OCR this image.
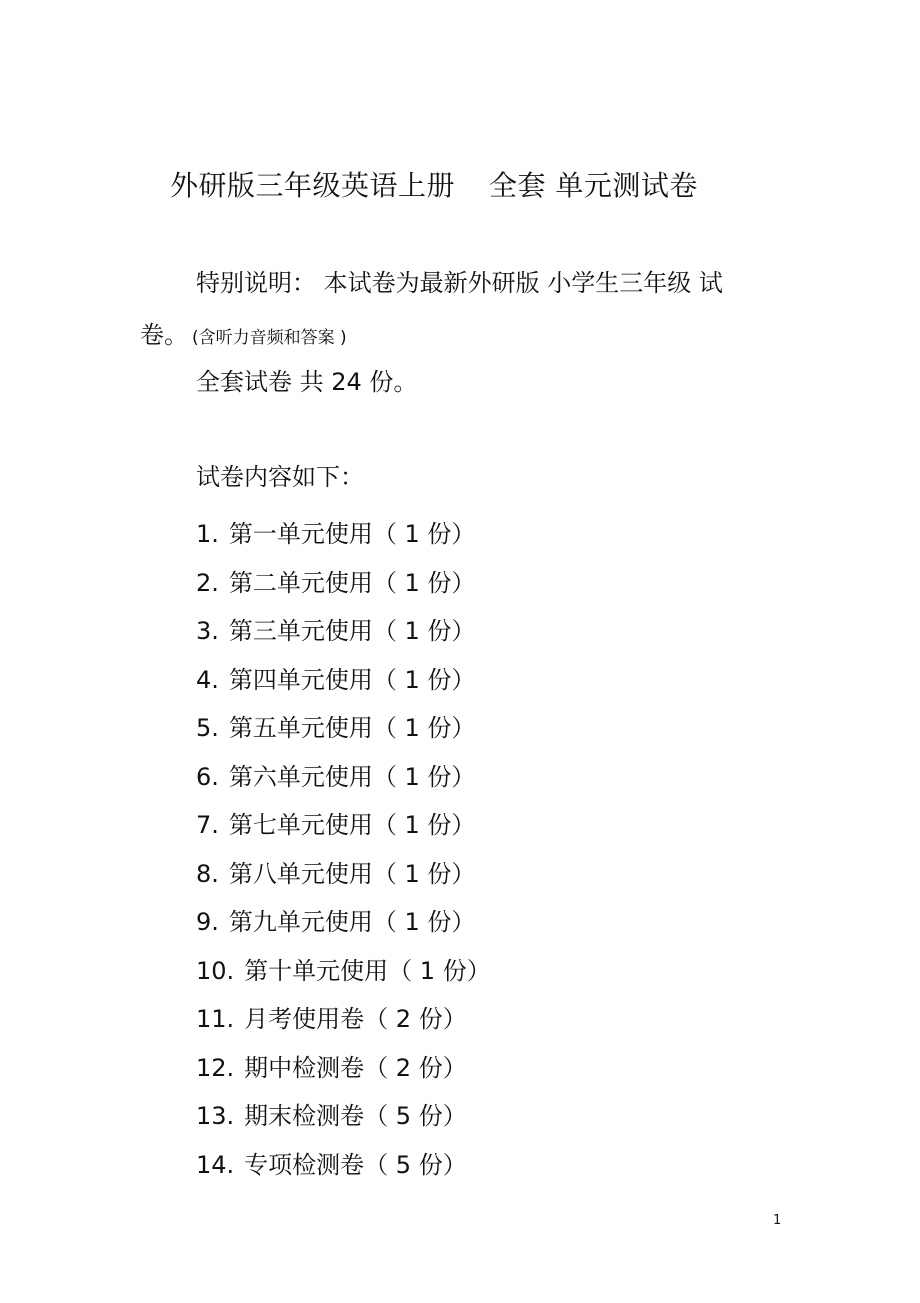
外研版三年级英语上册 全套 单元测试卷
特别说明： 本试卷为最新外研版 小学生三年级 试
卷。 (含听力音频和答案 )
全套试卷 共 24 份。
试卷内容如下：
1. 第一单元使用（ 1 份）
2. 第二单元使用（ 1 份）
3. 第三单元使用（ 1 份）
4. 第四单元使用（ 1 份）
5. 第五单元使用（ 1 份）
6. 第六单元使用（ 1 份）
7. 第七单元使用（ 1 份）
8. 第八单元使用（ 1 份）
9. 第九单元使用（ 1 份）
10. 第十单元使用（ 1 份）
11. 月考使用卷（ 2 份）
12. 期中检测卷（ 2 份）
13. 期末检测卷（ 5 份）
14. 专项检测卷（ 5 份）
1
